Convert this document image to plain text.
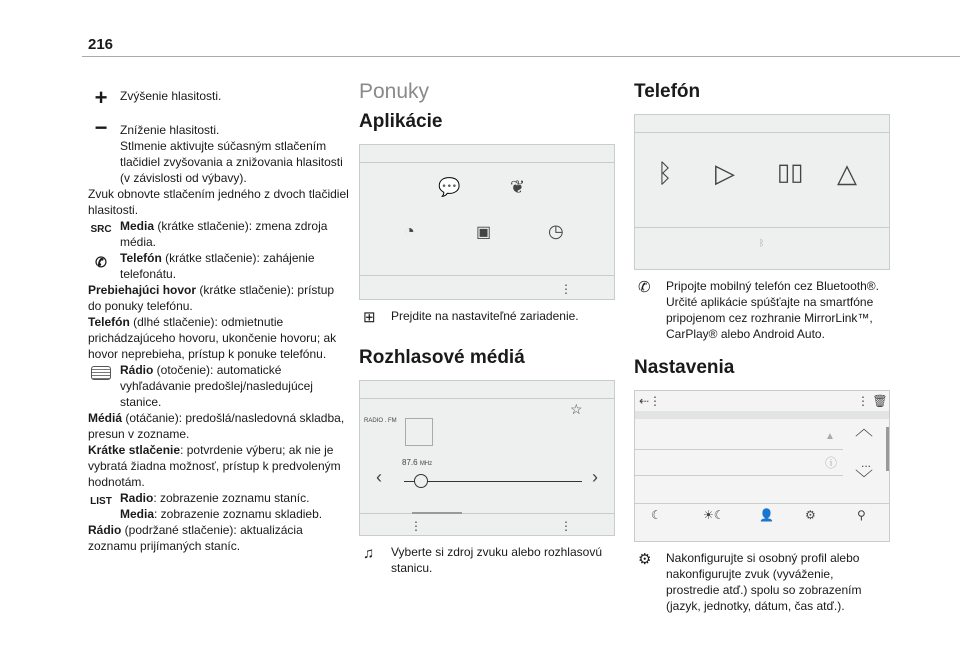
216
+	Zvýšenie hlasitosti.
−	Zníženie hlasitosti.
Stlmenie aktivujte súčasným stlačením tlačidiel zvyšovania a znižovania hlasitosti (v závislosti od výbavy).
Zvuk obnovte stlačením jedného z dvoch tlačidiel hlasitosti.
SRC Media (krátke stlačenie): zmena zdroja média.
✆	Telefón (krátke stlačenie): zahájenie telefonátu.
Prebiehajúci hovor (krátke stlačenie): prístup do ponuky telefónu.
Telefón (dlhé stlačenie): odmietnutie prichádzajúceho hovoru, ukončenie hovoru; ak hovor neprebieha, prístup k ponuke telefónu.
Rádio (otočenie): automatické vyhľadávanie predošlej/nasledujúcej stanice.
Médiá (otáčanie): predošlá/nasledovná skladba, presun v zozname.
Krátke stlačenie: potvrdenie výberu; ak nie je vybratá žiadna možnosť, prístup k predvoleným hodnotám.
LIST Radio: zobrazenie zoznamu staníc.
Media: zobrazenie zoznamu skladieb.
Rádio (podržané stlačenie): aktualizácia zoznamu prijímaných staníc.
Ponuky
Aplikácie
💬	❦
◔	▣	◷
⋮
⊞ Prejdite na nastaviteľné zariadenie.
Rozhlasové médiá
☆
RADIO . FM
87.6 MHz
‹	›
⋮	⋮
♫ Vyberte si zdroj zvuku alebo rozhlasovú stanicu.
Telefón
ᛒ ▷ ▯▯ △
ᛒ
✆ Pripojte mobilný telefón cez Bluetooth®. Určité aplikácie spúšťajte na smartfóne pripojenom cez rozhranie MirrorLink™, CarPlay® alebo Android Auto.
Nastavenia
⇠⋮	⋮ 🗑
▲
ⓘ
︿
...
﹀
☾	☀☾	👤	⚙	⚲
⚙ Nakonfigurujte si osobný profil alebo nakonfigurujte zvuk (vyváženie, prostredie atď.) spolu so zobrazením (jazyk, jednotky, dátum, čas atď.).
